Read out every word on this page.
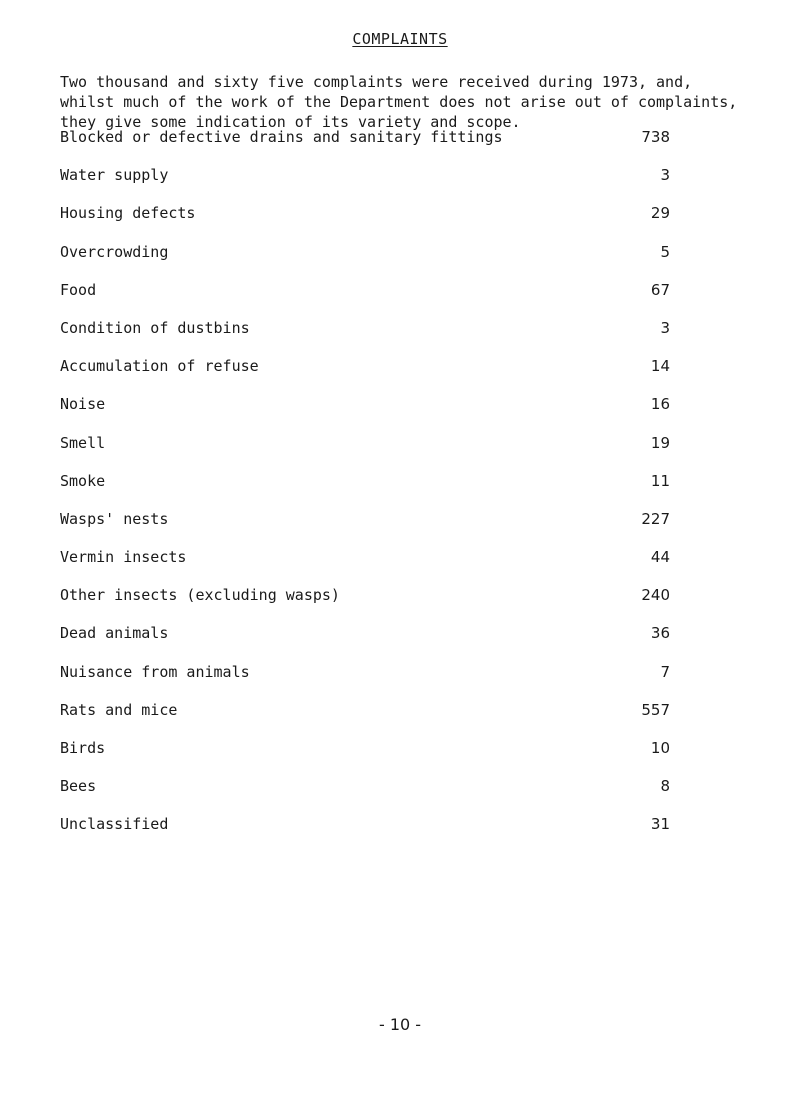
COMPLAINTS
Two thousand and sixty five complaints were received during 1973, and,
whilst much of the work of the Department does not arise out of complaints,
they give some indication of its variety and scope.
Blocked or defective drains and sanitary fittings	738
Water supply	3
Housing defects	29
Overcrowding	5
Food	67
Condition of dustbins	3
Accumulation of refuse	14
Noise	16
Smell	19
Smoke	11
Wasps' nests	227
Vermin insects	44
Other insects (excluding wasps)	240
Dead animals	36
Nuisance from animals	7
Rats and mice	557
Birds	10
Bees	8
Unclassified	31
- 10 -
